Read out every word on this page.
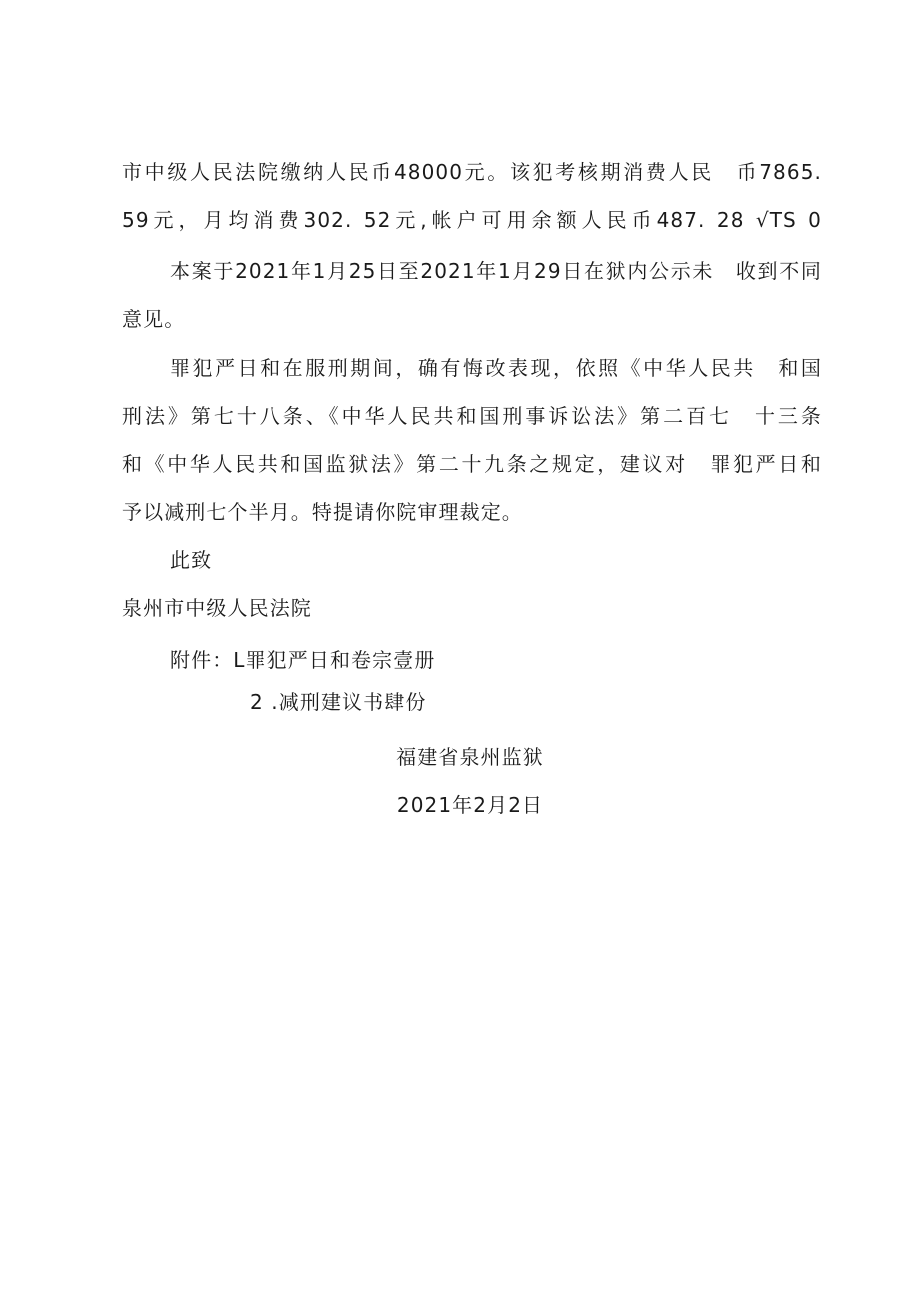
市中级人民法院缴纳人民币48000元。该犯考核期消费人民　币7865.
59元，月均消费302. 52元,帐户可用余额人民币487. 28 √TS 0
本案于2021年1月25日至2021年1月29日在狱内公示未　收到不同
意见。
罪犯严日和在服刑期间，确有悔改表现，依照《中华人民共　和国
刑法》第七十八条、《中华人民共和国刑事诉讼法》第二百七　十三条
和《中华人民共和国监狱法》第二十九条之规定，建议对　罪犯严日和
予以减刑七个半月。特提请你院审理裁定。
此致
泉州市中级人民法院
附件：L罪犯严日和卷宗壹册
2 .减刑建议书肆份
福建省泉州监狱
2021年2月2日
